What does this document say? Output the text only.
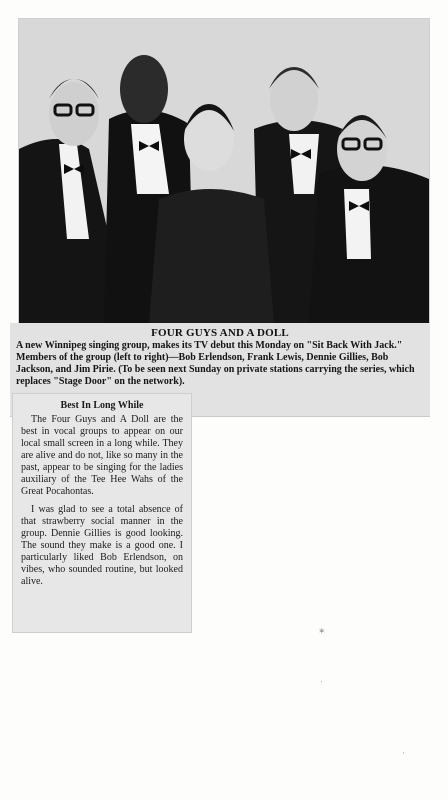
FOUR GUYS AND A DOLL
A new Winnipeg singing group, makes its TV debut this Monday on "Sit Back With Jack." Members of the group (left to right)—Bob Erlendson, Frank Lewis, Dennie Gillies, Bob Jackson, and Jim Pirie. (To be seen next Sunday on private stations carrying the series, which replaces "Stage Door" on the network).
Best In Long While

The Four Guys and A Doll are the best in vocal groups to appear on our local small screen in a long while. They are alive and do not, like so many in the past, appear to be singing for the ladies auxiliary of the Tee Hee Wahs of the Great Pocahontas.

I was glad to see a total absence of that strawberry social manner in the group. Dennie Gillies is good looking. The sound they make is a good one. I particularly liked Bob Erlendson, on vibes, who sounded routine, but looked alive.

✶
·
·
